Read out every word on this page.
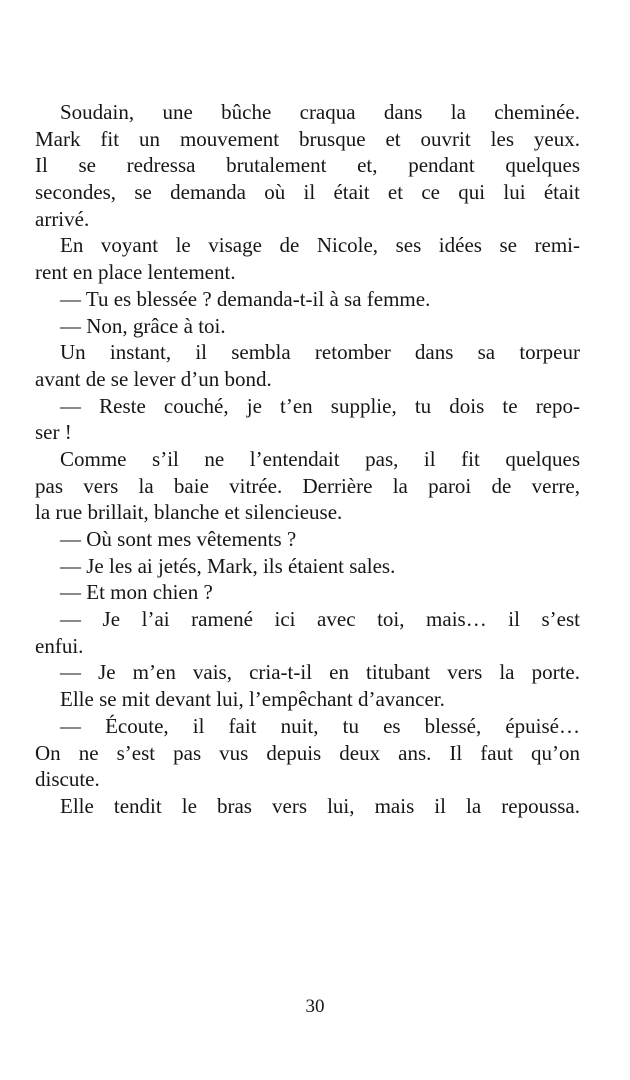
Soudain, une bûche craqua dans la cheminée.
Mark fit un mouvement brusque et ouvrit les yeux.
Il se redressa brutalement et, pendant quelques
secondes, se demanda où il était et ce qui lui était
arrivé.
En voyant le visage de Nicole, ses idées se remi-
rent en place lentement.
— Tu es blessée ? demanda-t-il à sa femme.
— Non, grâce à toi.
Un instant, il sembla retomber dans sa torpeur
avant de se lever d’un bond.
— Reste couché, je t’en supplie, tu dois te repo-
ser !
Comme s’il ne l’entendait pas, il fit quelques
pas vers la baie vitrée. Derrière la paroi de verre,
la rue brillait, blanche et silencieuse.
— Où sont mes vêtements ?
— Je les ai jetés, Mark, ils étaient sales.
— Et mon chien ?
— Je l’ai ramené ici avec toi, mais… il s’est
enfui.
— Je m’en vais, cria-t-il en titubant vers la porte.
Elle se mit devant lui, l’empêchant d’avancer.
— Écoute, il fait nuit, tu es blessé, épuisé…
On ne s’est pas vus depuis deux ans. Il faut qu’on
discute.
Elle tendit le bras vers lui, mais il la repoussa.
30
